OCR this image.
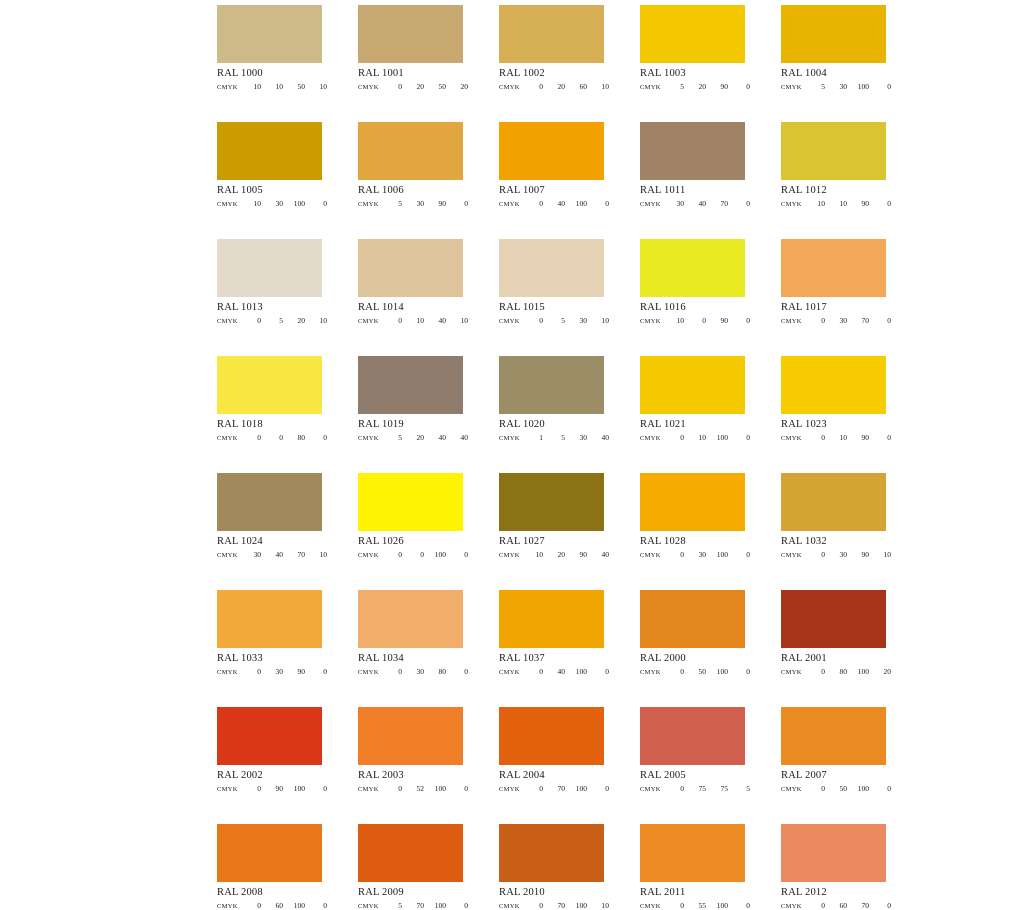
RAL 1000
CMYK	10	10	50	10
RAL 1001
CMYK	0	20	50	20
RAL 1002
CMYK	0	20	60	10
RAL 1003
CMYK	5	20	90	0
RAL 1004
CMYK	5	30	100	0
RAL 1005
CMYK	10	30	100	0
RAL 1006
CMYK	5	30	90	0
RAL 1007
CMYK	0	40	100	0
RAL 1011
CMYK	30	40	70	0
RAL 1012
CMYK	10	10	90	0
RAL 1013
CMYK	0	5	20	10
RAL 1014
CMYK	0	10	40	10
RAL 1015
CMYK	0	5	30	10
RAL 1016
CMYK	10	0	90	0
RAL 1017
CMYK	0	30	70	0
RAL 1018
CMYK	0	0	80	0
RAL 1019
CMYK	5	20	40	40
RAL 1020
CMYK	1	5	30	40
RAL 1021
CMYK	0	10	100	0
RAL 1023
CMYK	0	10	90	0
RAL 1024
CMYK	30	40	70	10
RAL 1026
CMYK	0	0	100	0
RAL 1027
CMYK	10	20	90	40
RAL 1028
CMYK	0	30	100	0
RAL 1032
CMYK	0	30	90	10
RAL 1033
CMYK	0	30	90	0
RAL 1034
CMYK	0	30	80	0
RAL 1037
CMYK	0	40	100	0
RAL 2000
CMYK	0	50	100	0
RAL 2001
CMYK	0	80	100	20
RAL 2002
CMYK	0	90	100	0
RAL 2003
CMYK	0	52	100	0
RAL 2004
CMYK	0	70	100	0
RAL 2005
CMYK	0	75	75	5
RAL 2007
CMYK	0	50	100	0
RAL 2008
CMYK	0	60	100	0
RAL 2009
CMYK	5	70	100	0
RAL 2010
CMYK	0	70	100	10
RAL 2011
CMYK	0	55	100	0
RAL 2012
CMYK	0	60	70	0
